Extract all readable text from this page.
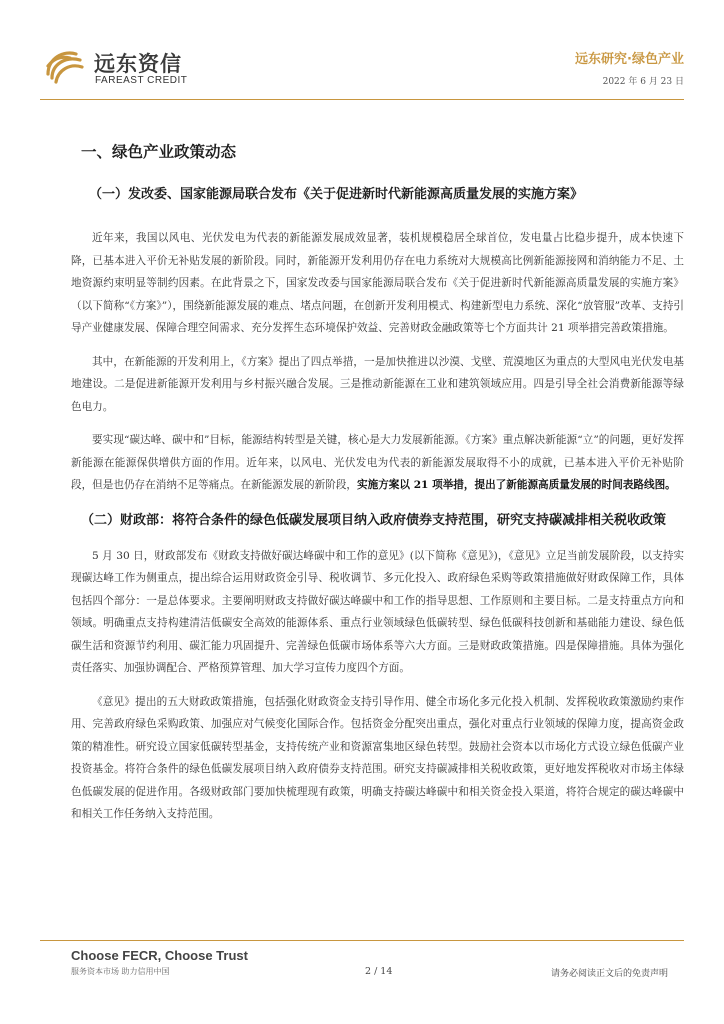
远东资信
FAREAST CREDIT
远东研究·绿色产业
2022 年 6 月 23 日
一、绿色产业政策动态
（一）发改委、国家能源局联合发布《关于促进新时代新能源高质量发展的实施方案》

近年来，我国以风电、光伏发电为代表的新能源发展成效显著，装机规模稳居全球首位，发电量占比稳步提升，成本快速下降，已基本进入平价无补贴发展的新阶段。同时，新能源开发利用仍存在电力系统对大规模高比例新能源接网和消纳能力不足、土地资源约束明显等制约因素。在此背景之下，国家发改委与国家能源局联合发布《关于促进新时代新能源高质量发展的实施方案》（以下简称“《方案》”），围绕新能源发展的难点、堵点问题，在创新开发利用模式、构建新型电力系统、深化“放管服”改革、支持引导产业健康发展、保障合理空间需求、充分发挥生态环境保护效益、完善财政金融政策等七个方面共计 21 项举措完善政策措施。

其中，在新能源的开发利用上，《方案》提出了四点举措，一是加快推进以沙漠、戈壁、荒漠地区为重点的大型风电光伏发电基地建设。二是促进新能源开发利用与乡村振兴融合发展。三是推动新能源在工业和建筑领域应用。四是引导全社会消费新能源等绿色电力。

要实现“碳达峰、碳中和”目标，能源结构转型是关键，核心是大力发展新能源。《方案》重点解决新能源“立”的问题，更好发挥新能源在能源保供增供方面的作用。近年来，以风电、光伏发电为代表的新能源发展取得不小的成就，已基本进入平价无补贴阶段，但是也仍存在消纳不足等痛点。在新能源发展的新阶段，实施方案以 21 项举措，提出了新能源高质量发展的时间表路线图。

（二）财政部：将符合条件的绿色低碳发展项目纳入政府债券支持范围，研究支持碳减排相关税收政策

5 月 30 日，财政部发布《财政支持做好碳达峰碳中和工作的意见》(以下简称《意见》)，《意见》立足当前发展阶段，以支持实现碳达峰工作为侧重点，提出综合运用财政资金引导、税收调节、多元化投入、政府绿色采购等政策措施做好财政保障工作，具体包括四个部分：一是总体要求。主要阐明财政支持做好碳达峰碳中和工作的指导思想、工作原则和主要目标。二是支持重点方向和领域。明确重点支持构建清洁低碳安全高效的能源体系、重点行业领域绿色低碳转型、绿色低碳科技创新和基础能力建设、绿色低碳生活和资源节约利用、碳汇能力巩固提升、完善绿色低碳市场体系等六大方面。三是财政政策措施。四是保障措施。具体为强化责任落实、加强协调配合、严格预算管理、加大学习宣传力度四个方面。

《意见》提出的五大财政政策措施，包括强化财政资金支持引导作用、健全市场化多元化投入机制、发挥税收政策激励约束作用、完善政府绿色采购政策、加强应对气候变化国际合作。包括资金分配突出重点，强化对重点行业领域的保障力度，提高资金政策的精准性。研究设立国家低碳转型基金，支持传统产业和资源富集地区绿色转型。鼓励社会资本以市场化方式设立绿色低碳产业投资基金。将符合条件的绿色低碳发展项目纳入政府债券支持范围。研究支持碳减排相关税收政策，更好地发挥税收对市场主体绿色低碳发展的促进作用。各级财政部门要加快梳理现有政策，明确支持碳达峰碳中和相关资金投入渠道，将符合规定的碳达峰碳中和相关工作任务纳入支持范围。

Choose FECR, Choose Trust
服务资本市场 助力信用中国	2 / 14	请务必阅读正文后的免责声明
